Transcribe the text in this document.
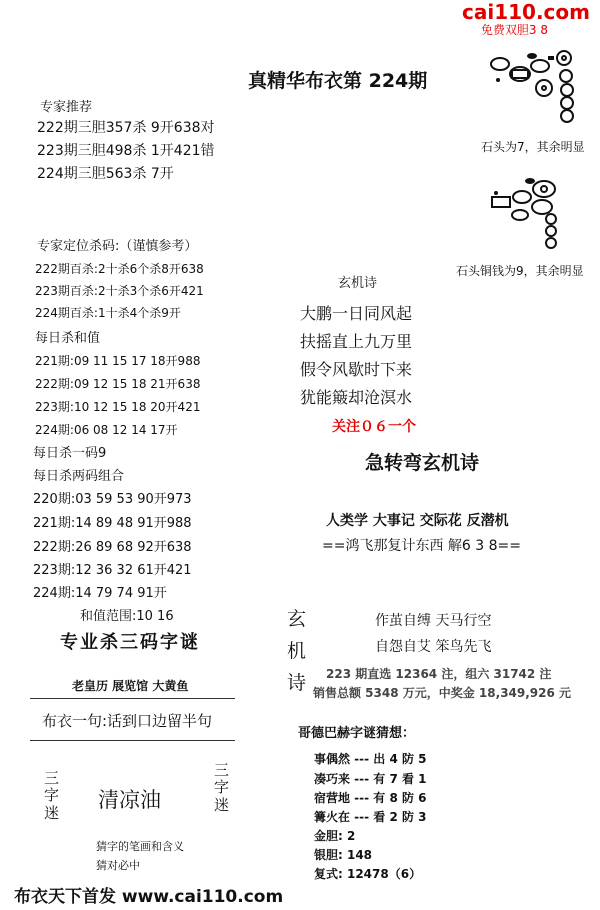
cai110.com
免费双胆3 8
真精华布衣第 224期
石头为7，其余明显
石头铜钱为9，其余明显
专家推荐
222期三胆357杀 9开638对
223期三胆498杀 1开421错
224期三胆563杀 7开
专家定位杀码:（谨慎参考）
222期百杀:2十杀6个杀8开638
223期百杀:2十杀3个杀6开421
224期百杀:1十杀4个杀9开
每日杀和值
221期:09 11 15 17 18开988
222期:09 12 15 18 21开638
223期:10 12 15 18 20开421
224期:06 08 12 14 17开
每日杀一码9
每日杀两码组合
220期:03 59 53 90开973
221期:14 89 48 91开988
222期:26 89 68 92开638
223期:12 36 32 61开421
224期:14 79 74 91开
和值范围:10 16
专业杀三码字谜
老皇历 展览馆 大黄鱼
布衣一句:话到口边留半句
三
字
迷
清凉油
三
字
迷
猜字的笔画和含义
猜对必中
玄机诗
大鹏一日同风起
扶摇直上九万里
假令风歇时下来
犹能簸却沧溟水
关注０６一个
急转弯玄机诗
人类学 大事记 交际花 反潜机
==鸿飞那复计东西 解6 3 8==
玄
机
诗
作茧自缚 天马行空
自怨自艾 笨鸟先飞
223 期直选 12364 注，组六 31742 注
销售总额 5348 万元，中奖金 18,349,926 元
哥德巴赫字谜猜想：
事偶然 --- 出 4 防 5
凑巧来 --- 有 7 看 1
宿营地 --- 有 8 防 6
篝火在 --- 看 2 防 3
金胆: 2
银胆: 148
复式: 12478（6）
布衣天下首发 www.cai110.com
